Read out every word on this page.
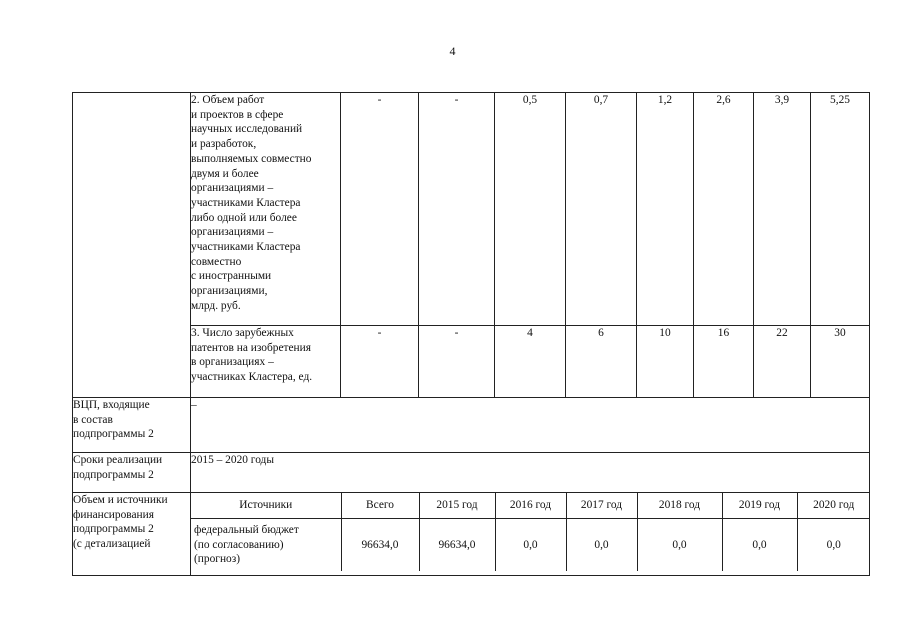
4

2. Объем работ
и проектов в сфере
научных исследований
и разработок,
выполняемых совместно
двумя и более
организациями –
участниками Кластера
либо одной или более
организациями –
участниками Кластера
совместно
с иностранными
организациями,
млрд. руб.
	-	-	0,5	0,7	1,2	2,6	3,9	5,25

3. Число зарубежных
патентов на изобретения
в организациях –
участниках Кластера, ед.
	-	-	4	6	10	16	22	30

ВЦП, входящие
в состав
подпрограммы 2
	–

Сроки реализации
подпрограммы 2
	2015 – 2020 годы

Объем и источники
финансирования
подпрограммы 2
(с детализацией

Источники	Всего	2015 год	2016 год	2017 год	2018 год	2019 год	2020 год

федеральный бюджет
(по согласованию)
(прогноз)
	96634,0	96634,0	0,0	0,0	0,0	0,0	0,0
